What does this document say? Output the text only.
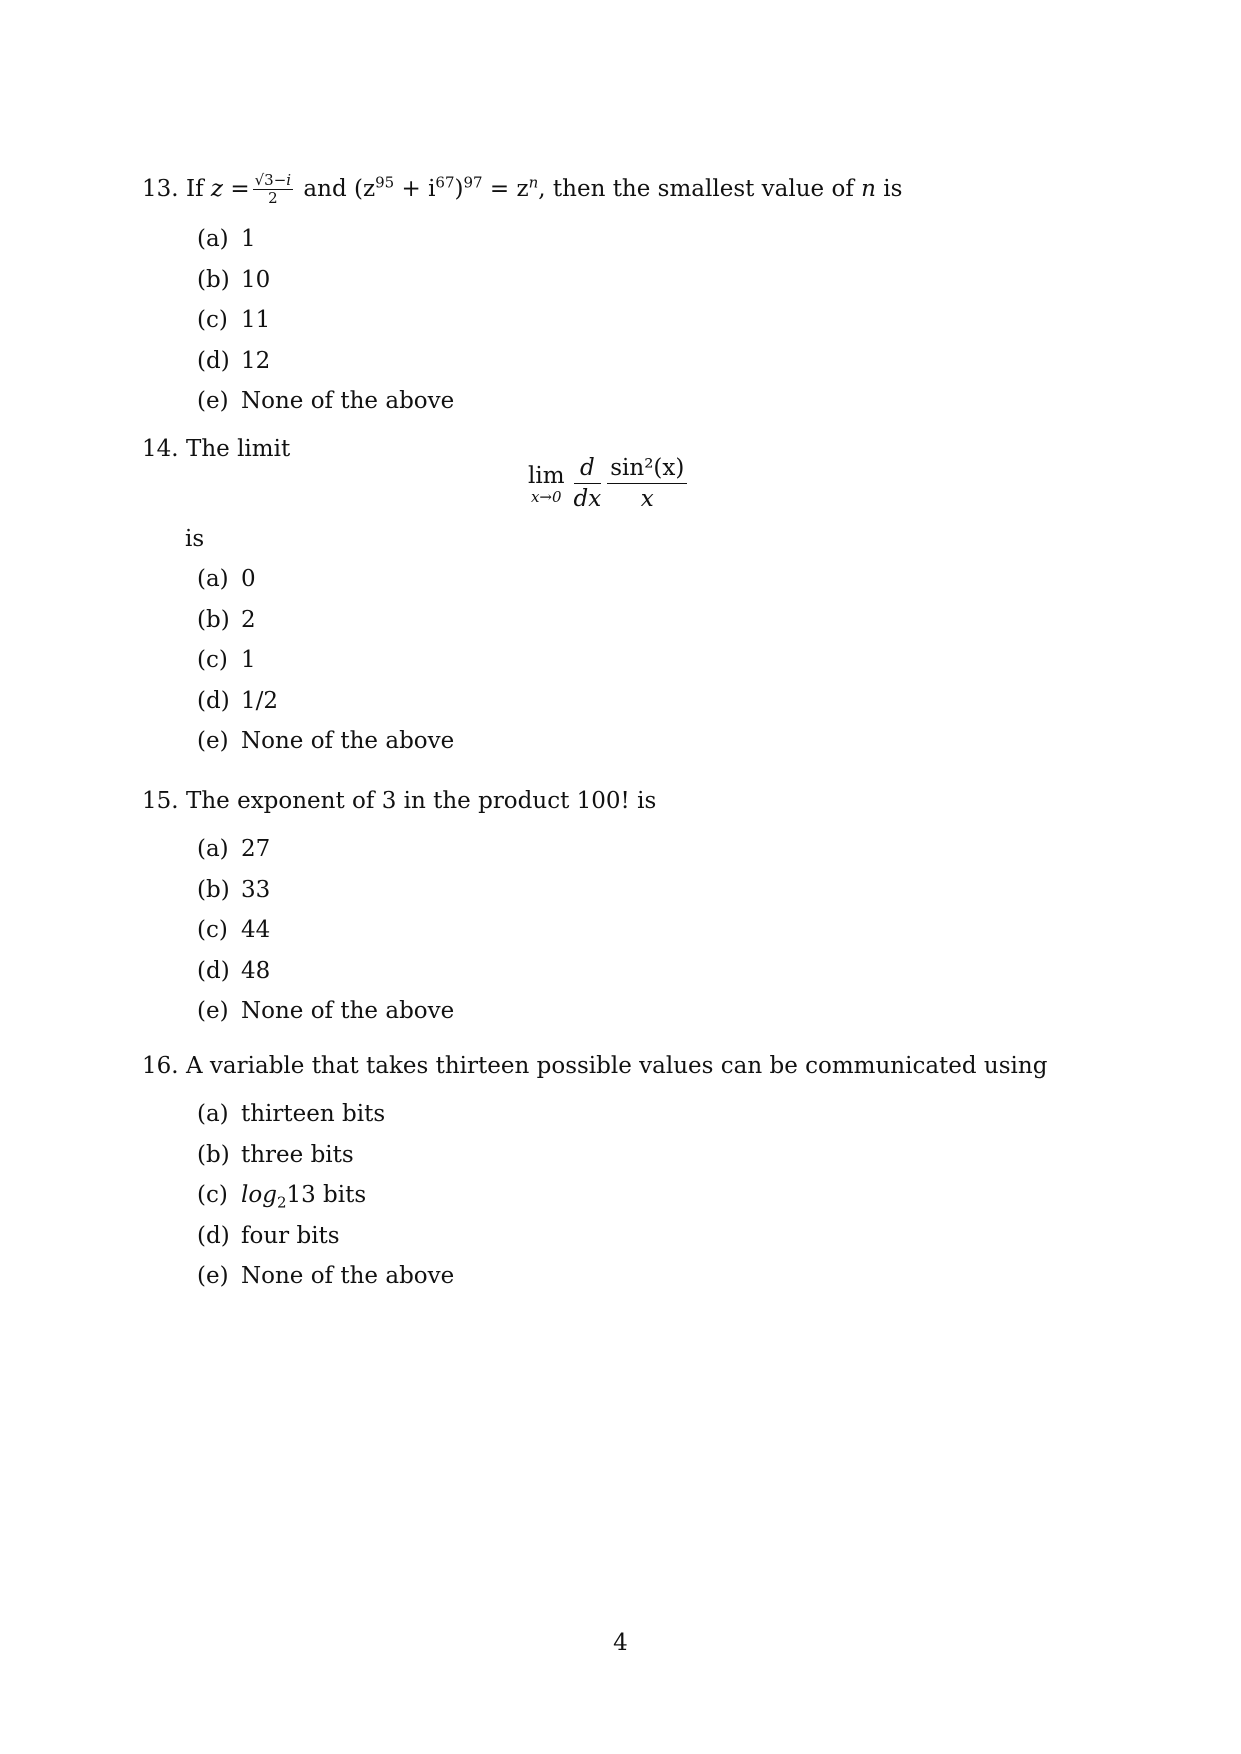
13. If $z = \frac{√3-i}{2}$ and $(z^{95} + i^{67})^{97} = z^n$, then the smallest value of n is
(a) 1
(b) 10
(c) 11
(d) 12
(e) None of the above
14. The limit
lim
$x\to 0 \frac{d}{dx} \frac{\text{sin²(x)}}{x}$
is
(a) 0
(b) 2
(c) 1
(d) 1/2
(e) None of the above
15. The exponent of 3 in the product 100! is
(a) 27
(b) 33
(c) 44
(d) 48
(e) None of the above
16. A variable that takes thirteen possible values can be communicated using
(a) thirteen bits
(b) three bits
(c) $\log_213$ bits
(d) four bits
(e) None of the above
4
